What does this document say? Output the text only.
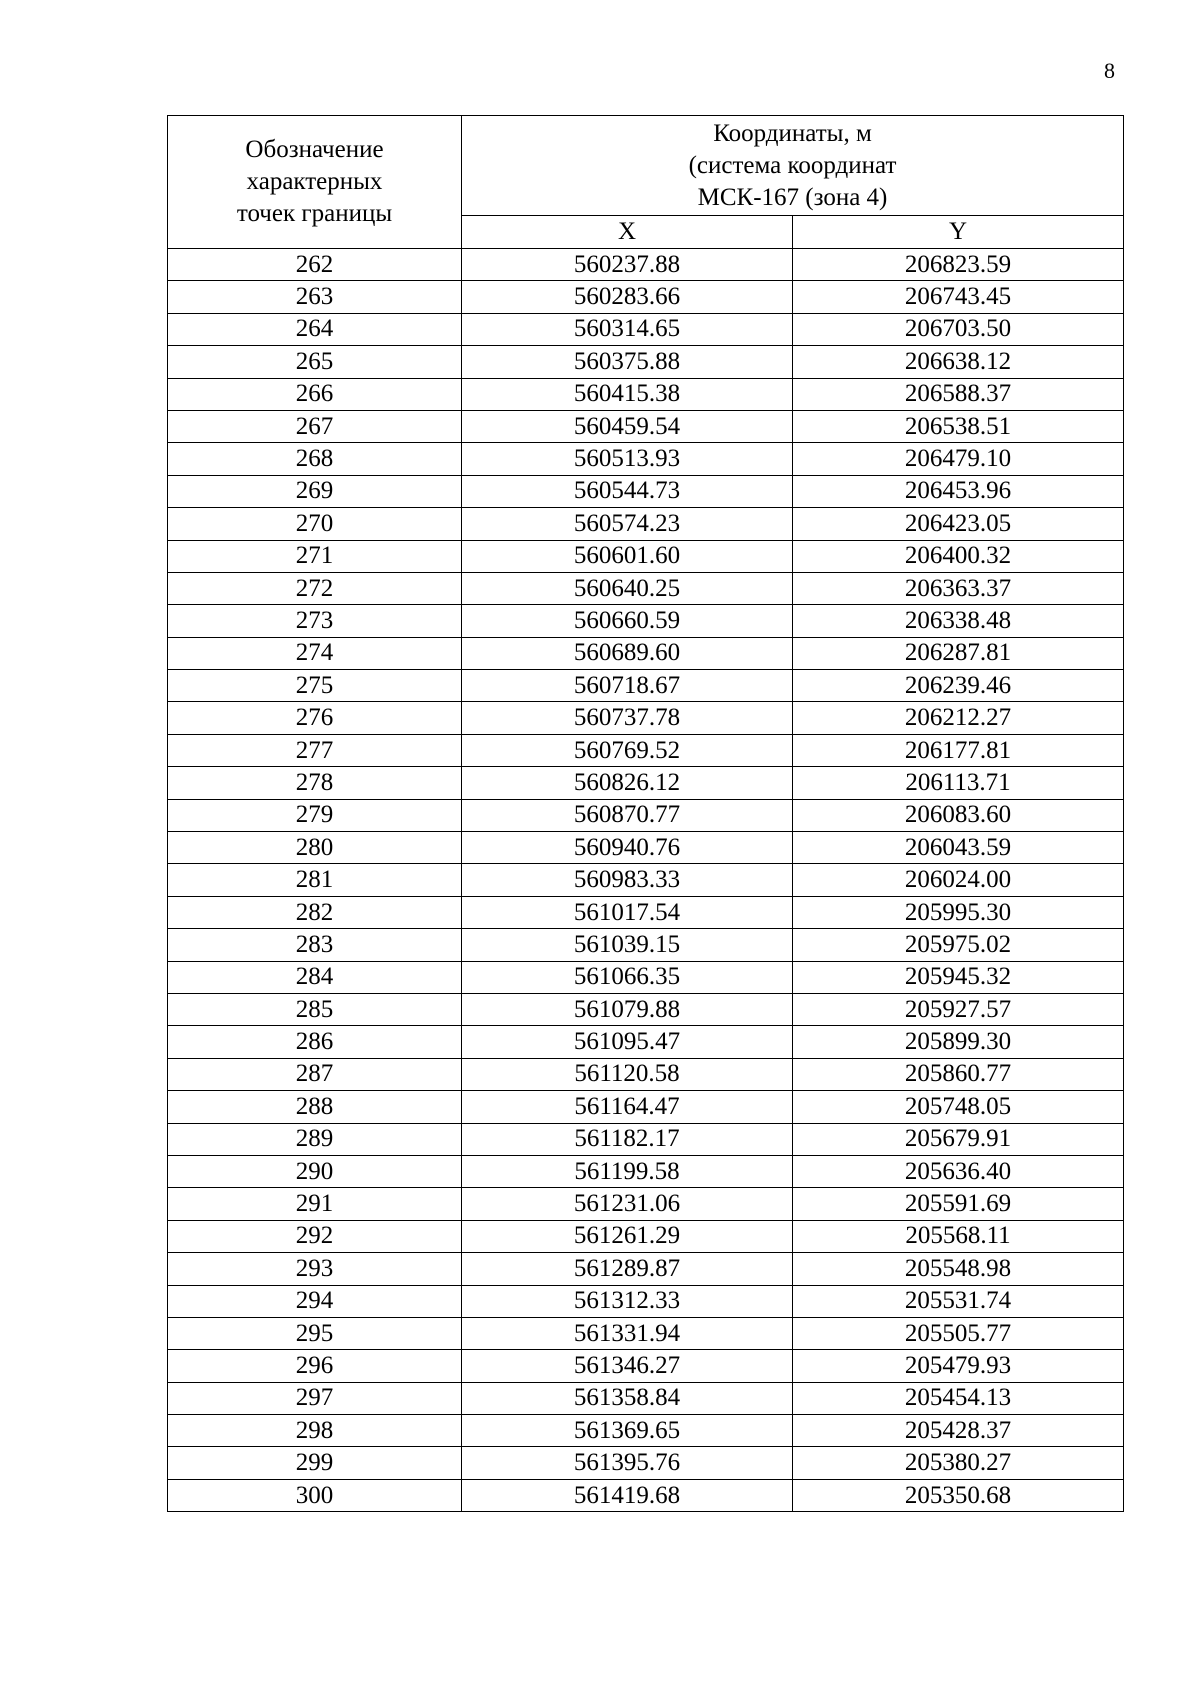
8
Обозначение
характерных
точек границы	Координаты, м
(система координат
МСК-167 (зона 4)	

	X	Y
262	560237.88	206823.59
263	560283.66	206743.45
264	560314.65	206703.50
265	560375.88	206638.12
266	560415.38	206588.37
267	560459.54	206538.51
268	560513.93	206479.10
269	560544.73	206453.96
270	560574.23	206423.05
271	560601.60	206400.32
272	560640.25	206363.37
273	560660.59	206338.48
274	560689.60	206287.81
275	560718.67	206239.46
276	560737.78	206212.27
277	560769.52	206177.81
278	560826.12	206113.71
279	560870.77	206083.60
280	560940.76	206043.59
281	560983.33	206024.00
282	561017.54	205995.30
283	561039.15	205975.02
284	561066.35	205945.32
285	561079.88	205927.57
286	561095.47	205899.30
287	561120.58	205860.77
288	561164.47	205748.05
289	561182.17	205679.91
290	561199.58	205636.40
291	561231.06	205591.69
292	561261.29	205568.11
293	561289.87	205548.98
294	561312.33	205531.74
295	561331.94	205505.77
296	561346.27	205479.93
297	561358.84	205454.13
298	561369.65	205428.37
299	561395.76	205380.27
300	561419.68	205350.68
